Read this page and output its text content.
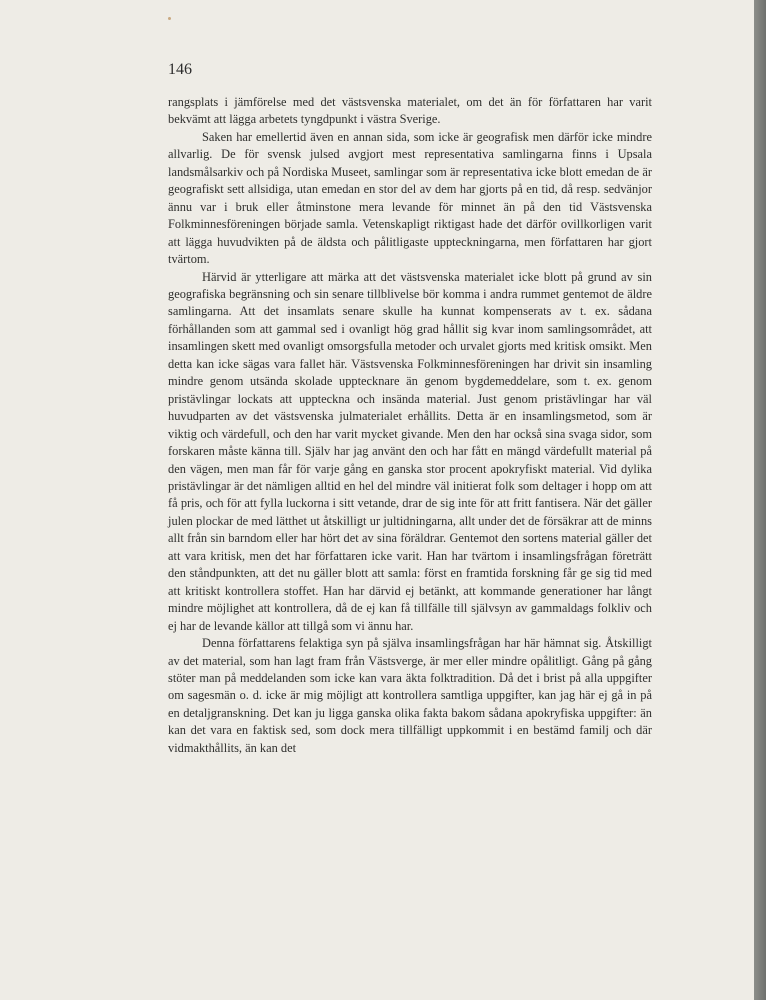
146

rangsplats i jämförelse med det västsvenska materialet, om det än för författaren har varit bekvämt att lägga arbetets tyngdpunkt i västra Sverige.

Saken har emellertid även en annan sida, som icke är geografisk men därför icke mindre allvarlig. De för svensk julsed avgjort mest representativa samlingarna finns i Upsala landsmålsarkiv och på Nordiska Museet, samlingar som är representativa icke blott emedan de är geografiskt sett allsidiga, utan emedan en stor del av dem har gjorts på en tid, då resp. sedvänjor ännu var i bruk eller åtminstone mera levande för minnet än på den tid Västsvenska Folkminnesföreningen började samla. Vetenskapligt riktigast hade det därför ovillkorligen varit att lägga huvudvikten på de äldsta och pålitligaste uppteckningarna, men författaren har gjort tvärtom.

Härvid är ytterligare att märka att det västsvenska materialet icke blott på grund av sin geografiska begränsning och sin senare tillblivelse bör komma i andra rummet gentemot de äldre samlingarna. Att det insamlats senare skulle ha kunnat kompenserats av t. ex. sådana förhållanden som att gammal sed i ovanligt hög grad hållit sig kvar inom samlingsområdet, att insamlingen skett med ovanligt omsorgsfulla metoder och urvalet gjorts med kritisk omsikt. Men detta kan icke sägas vara fallet här. Västsvenska Folkminnesföreningen har drivit sin insamling mindre genom utsända skolade upptecknare än genom bygdemeddelare, som t. ex. genom pristävlingar lockats att uppteckna och insända material. Just genom pristävlingar har väl huvudparten av det västsvenska julmaterialet erhållits. Detta är en insamlingsmetod, som är viktig och värdefull, och den har varit mycket givande. Men den har också sina svaga sidor, som forskaren måste känna till. Själv har jag använt den och har fått en mängd värdefullt material på den vägen, men man får för varje gång en ganska stor procent apokryfiskt material. Vid dylika pristävlingar är det nämligen alltid en hel del mindre väl initierat folk som deltager i hopp om att få pris, och för att fylla luckorna i sitt vetande, drar de sig inte för att fritt fantisera. När det gäller julen plockar de med lätthet ut åtskilligt ur jultidningarna, allt under det de försäkrar att de minns allt från sin barndom eller har hört det av sina föräldrar. Gentemot den sortens material gäller det att vara kritisk, men det har författaren icke varit. Han har tvärtom i insamlingsfrågan företrätt den ståndpunkten, att det nu gäller blott att samla: först en framtida forskning får ge sig tid med att kritiskt kontrollera stoffet. Han har därvid ej betänkt, att kommande generationer har långt mindre möjlighet att kontrollera, då de ej kan få tillfälle till självsyn av gammaldags folkliv och ej har de levande källor att tillgå som vi ännu har.

Denna författarens felaktiga syn på själva insamlingsfrågan har här hämnat sig. Åtskilligt av det material, som han lagt fram från Västsverge, är mer eller mindre opålitligt. Gång på gång stöter man på meddelanden som icke kan vara äkta folktradition. Då det i brist på alla uppgifter om sagesmän o. d. icke är mig möjligt att kontrollera samtliga uppgifter, kan jag här ej gå in på en detaljgranskning. Det kan ju ligga ganska olika fakta bakom sådana apokryfiska uppgifter: än kan det vara en faktisk sed, som dock mera tillfälligt uppkommit i en bestämd familj och där vidmakthållits, än kan det
